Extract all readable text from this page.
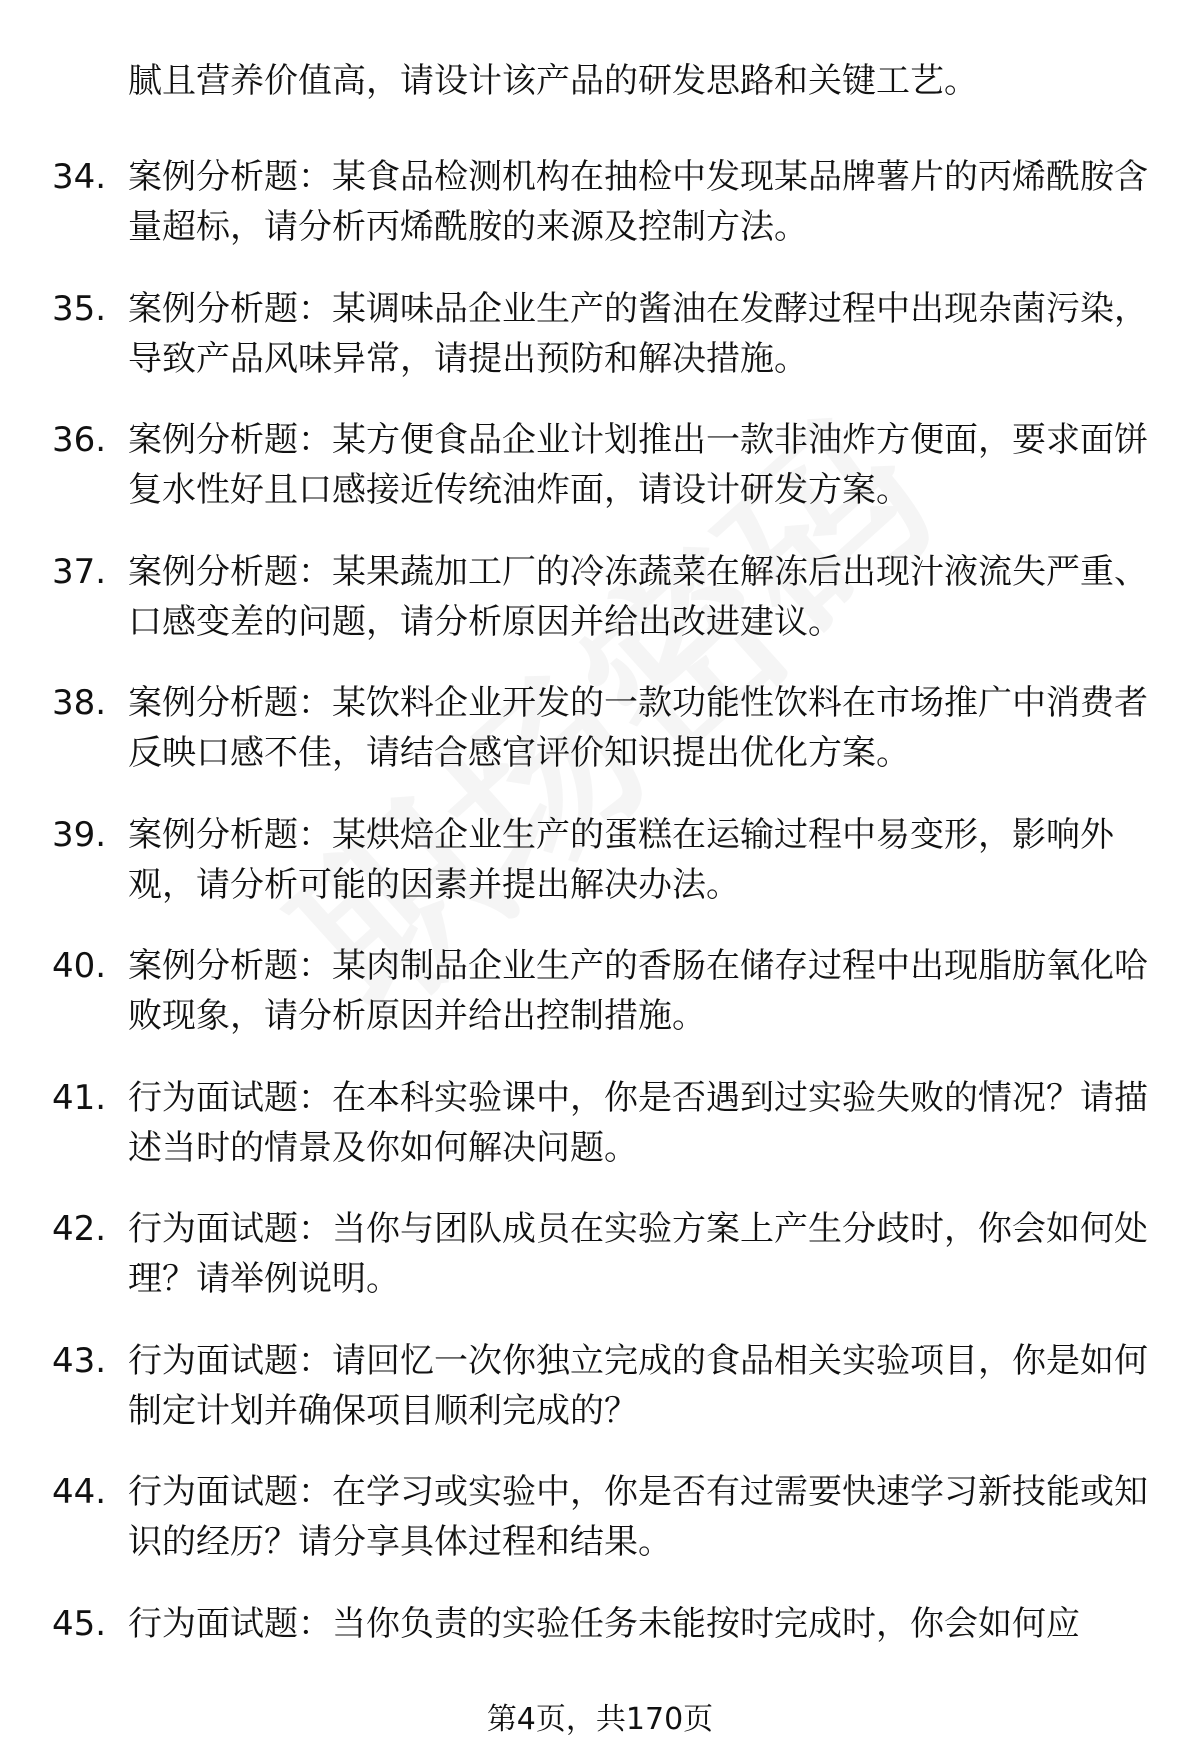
腻且营养价值高，请设计该产品的研发思路和关键工艺。

34. 案例分析题：某食品检测机构在抽检中发现某品牌薯片的丙烯酰胺含量超标，请分析丙烯酰胺的来源及控制方法。
35. 案例分析题：某调味品企业生产的酱油在发酵过程中出现杂菌污染，导致产品风味异常，请提出预防和解决措施。
36. 案例分析题：某方便食品企业计划推出一款非油炸方便面，要求面饼复水性好且口感接近传统油炸面，请设计研发方案。
37. 案例分析题：某果蔬加工厂的冷冻蔬菜在解冻后出现汁液流失严重、口感变差的问题，请分析原因并给出改进建议。
38. 案例分析题：某饮料企业开发的一款功能性饮料在市场推广中消费者反映口感不佳，请结合感官评价知识提出优化方案。
39. 案例分析题：某烘焙企业生产的蛋糕在运输过程中易变形，影响外观，请分析可能的因素并提出解决办法。
40. 案例分析题：某肉制品企业生产的香肠在储存过程中出现脂肪氧化哈败现象，请分析原因并给出控制措施。
41. 行为面试题：在本科实验课中，你是否遇到过实验失败的情况？请描述当时的情景及你如何解决问题。
42. 行为面试题：当你与团队成员在实验方案上产生分歧时，你会如何处理？请举例说明。
43. 行为面试题：请回忆一次你独立完成的食品相关实验项目，你是如何制定计划并确保项目顺利完成的？
44. 行为面试题：在学习或实验中，你是否有过需要快速学习新技能或知识的经历？请分享具体过程和结果。
45. 行为面试题：当你负责的实验任务未能按时完成时，你会如何应
第4页，共170页
